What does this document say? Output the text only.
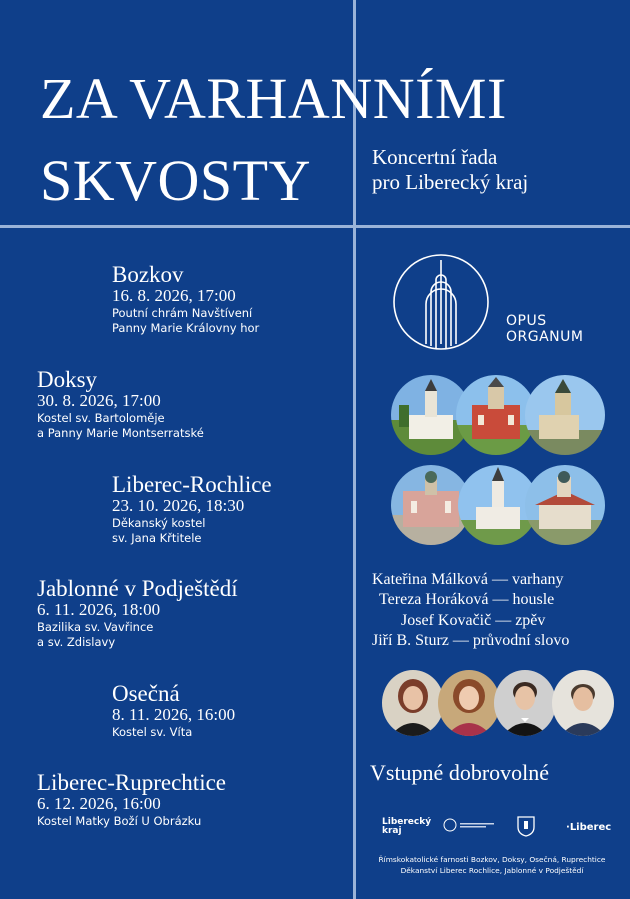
ZA VARHANNÍMI
SKVOSTY	Koncertní řada
pro Liberecký kraj
Bozkov
16. 8. 2026, 17:00
Poutní chrám Navštívení
Panny Marie Královny hor
Doksy
30. 8. 2026, 17:00
Kostel sv. Bartoloměje
a Panny Marie Montserratské
Liberec-Rochlice
23. 10. 2026, 18:30
Děkanský kostel
sv. Jana Křtitele
Jablonné v Podještědí
6. 11. 2026, 18:00
Bazilika sv. Vavřince
a sv. Zdislavy
Osečná
8. 11. 2026, 16:00
Kostel sv. Víta
Liberec-Ruprechtice
6. 12. 2026, 16:00
Kostel Matky Boží U Obrázku
OPUS
ORGANUM
Kateřina Málková — varhany
Tereza Horáková — housle
Josef Kovačič — zpěv
Jiří B. Sturz — průvodní slovo
Vstupné dobrovolné
Liberecký
kraj	·Liberec
Římskokatolické farnosti Bozkov, Doksy, Osečná, Ruprechtice
Děkanství Liberec Rochlice, Jablonné v Podještědí
